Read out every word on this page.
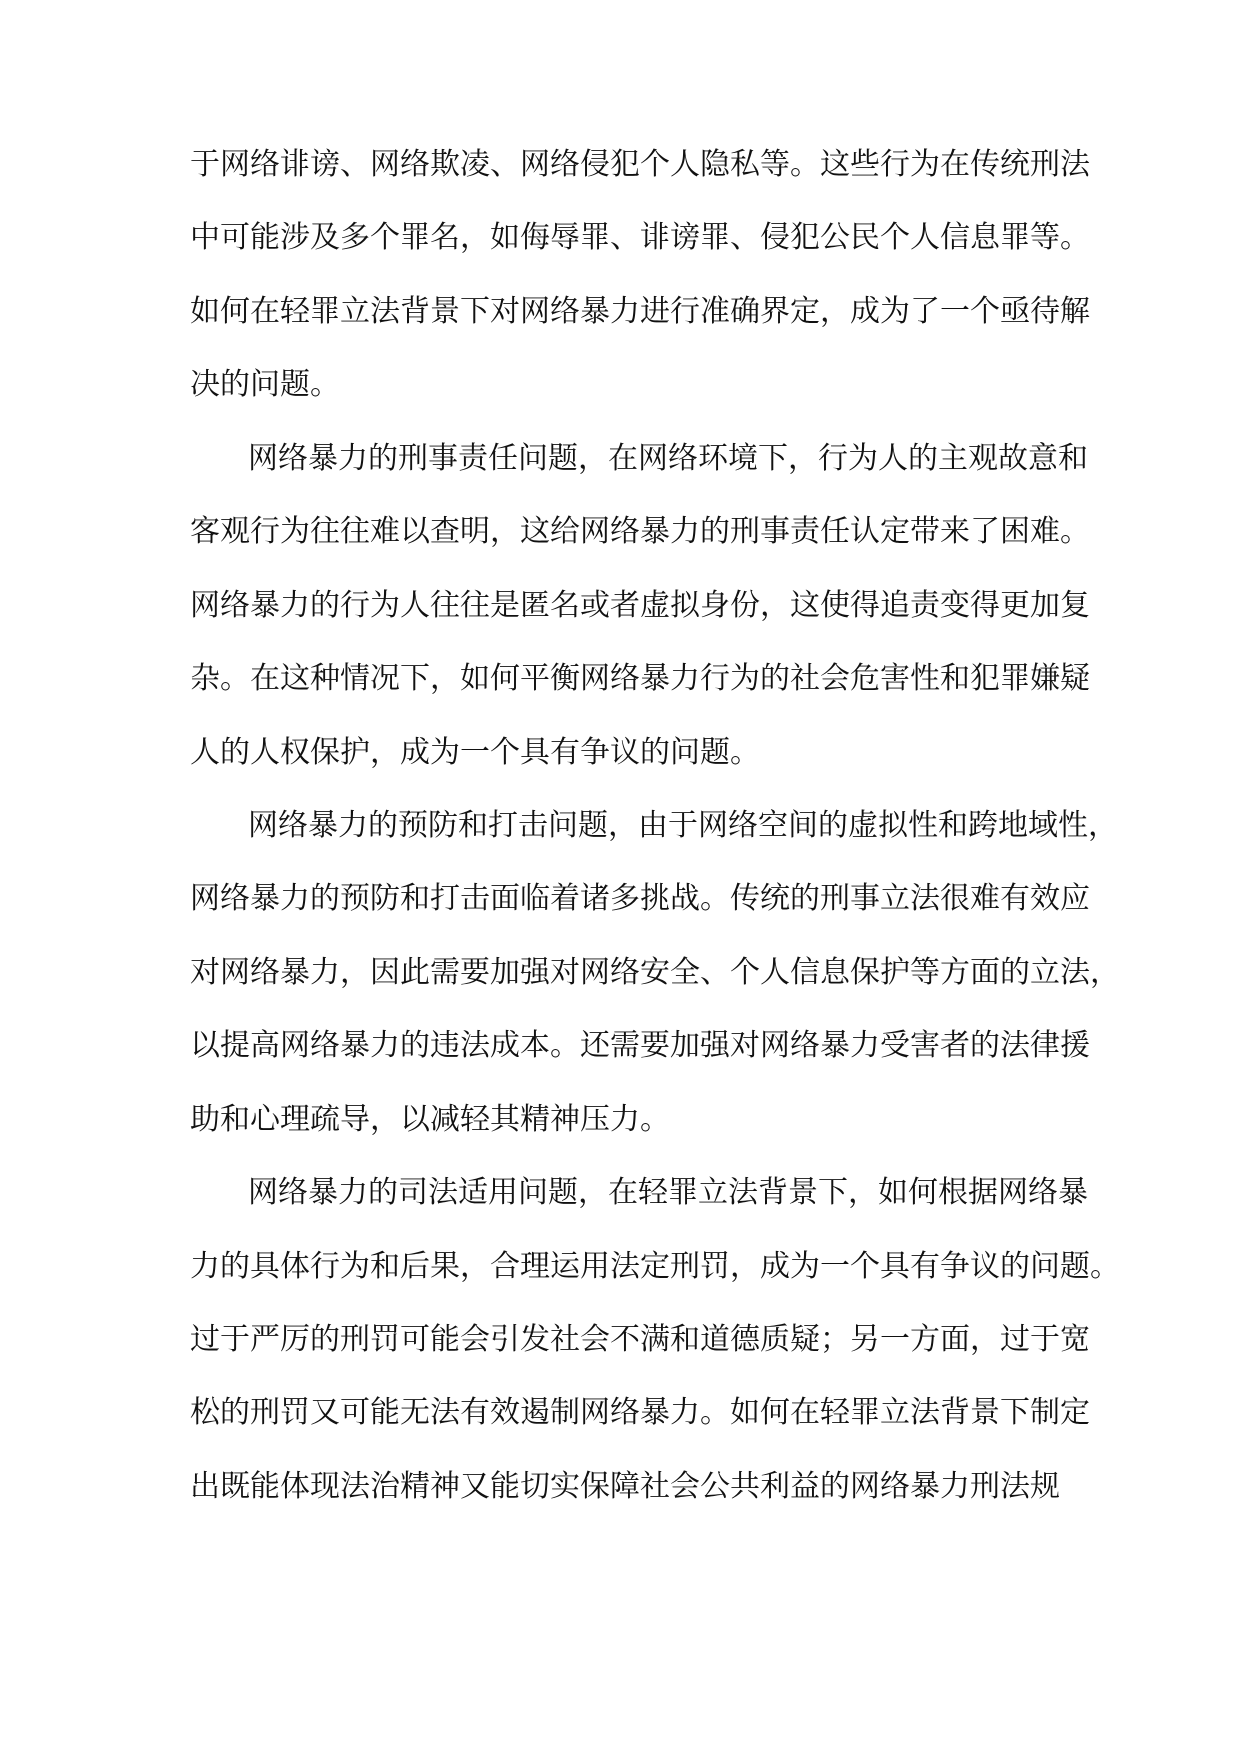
于网络诽谤、网络欺凌、网络侵犯个人隐私等。这些行为在传统刑法
中可能涉及多个罪名，如侮辱罪、诽谤罪、侵犯公民个人信息罪等。
如何在轻罪立法背景下对网络暴力进行准确界定，成为了一个亟待解
决的问题。
网络暴力的刑事责任问题，在网络环境下，行为人的主观故意和
客观行为往往难以查明，这给网络暴力的刑事责任认定带来了困难。
网络暴力的行为人往往是匿名或者虚拟身份，这使得追责变得更加复
杂。在这种情况下，如何平衡网络暴力行为的社会危害性和犯罪嫌疑
人的人权保护，成为一个具有争议的问题。
网络暴力的预防和打击问题，由于网络空间的虚拟性和跨地域性，
网络暴力的预防和打击面临着诸多挑战。传统的刑事立法很难有效应
对网络暴力，因此需要加强对网络安全、个人信息保护等方面的立法，
以提高网络暴力的违法成本。还需要加强对网络暴力受害者的法律援
助和心理疏导，以减轻其精神压力。
网络暴力的司法适用问题，在轻罪立法背景下，如何根据网络暴
力的具体行为和后果，合理运用法定刑罚，成为一个具有争议的问题。
过于严厉的刑罚可能会引发社会不满和道德质疑；另一方面，过于宽
松的刑罚又可能无法有效遏制网络暴力。如何在轻罪立法背景下制定
出既能体现法治精神又能切实保障社会公共利益的网络暴力刑法规
